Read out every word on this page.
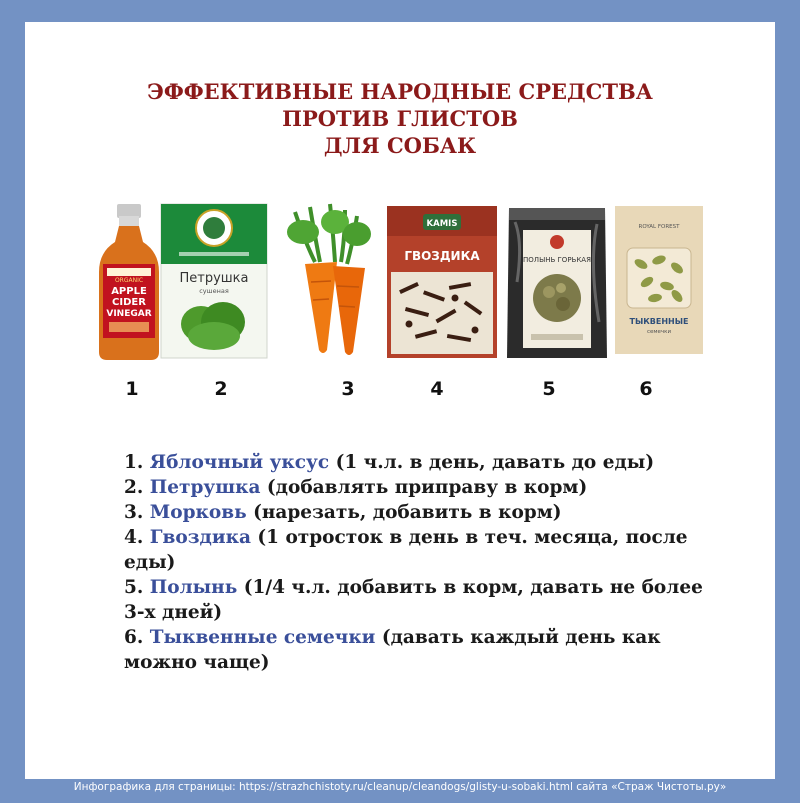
ЭФФЕКТИВНЫЕ НАРОДНЫЕ СРЕДСТВА
ПРОТИВ ГЛИСТОВ
ДЛЯ СОБАК
ORGANIC
APPLE
CIDER
VINEGAR
Петрушка
сушеная
KAMIS
ГВОЗДИКА	ПОЛЫНЬ ГОРЬКАЯ
ROYAL FOREST
ТЫКВЕННЫЕ
семечки
1	2	3	4	5	6

1. Яблочный уксус (1 ч.л. в день, давать до еды)

2. Петрушка (добавлять приправу в корм)

3. Морковь (нарезать, добавить в корм)

4. Гвоздика (1 отросток в день в теч. месяца, после еды)

5. Полынь (1/4 ч.л. добавить в корм, давать не более 3-х дней)

6. Тыквенные семечки (давать каждый день как можно чаще)

Инфографика для страницы: https://strazhchistoty.ru/cleanup/cleandogs/glisty-u-sobaki.html сайта «Страж Чистоты.ру»
